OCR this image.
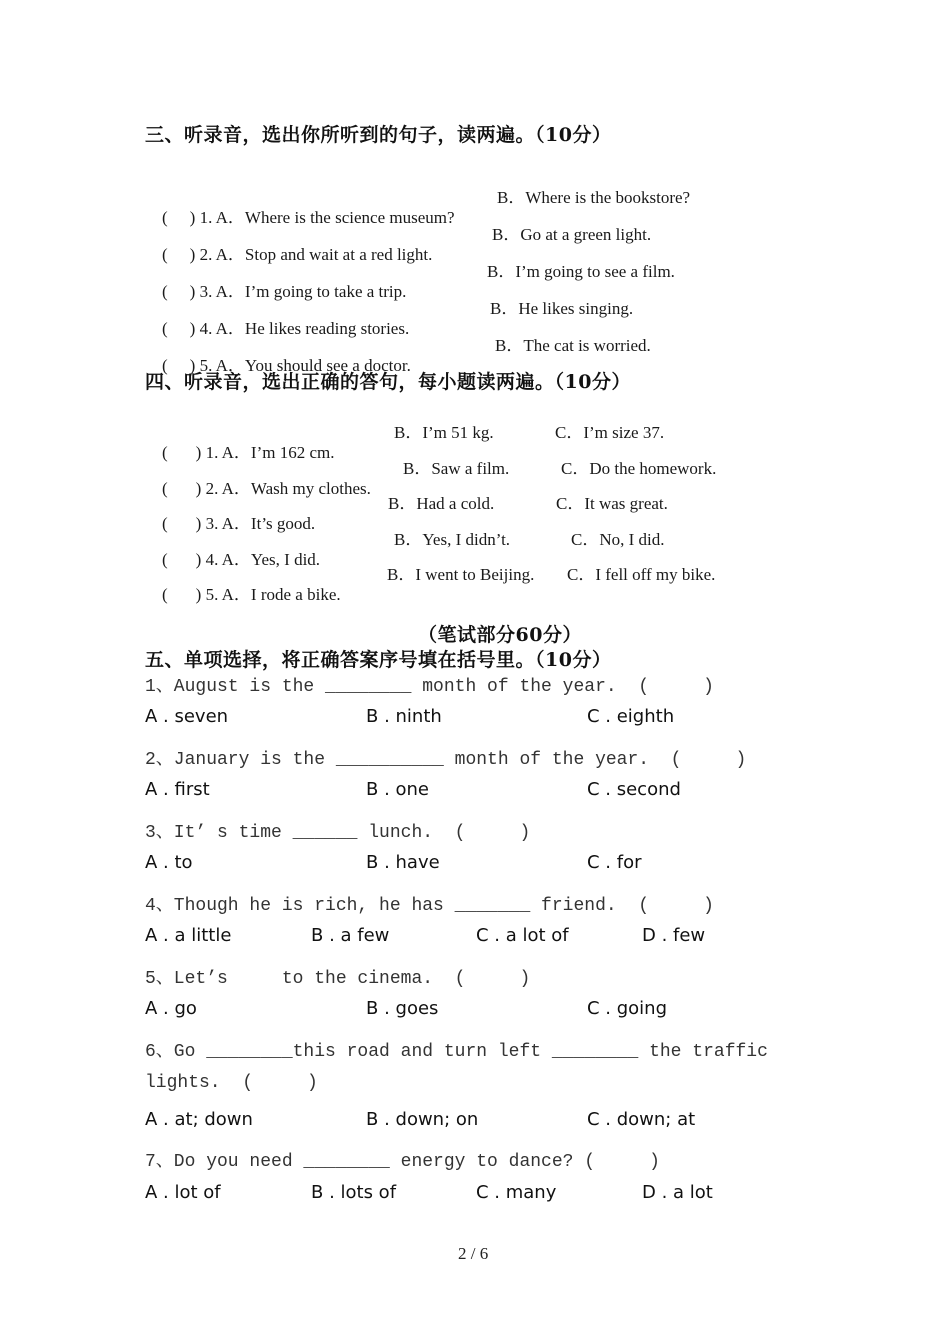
三、听录音，选出你所听到的句子，读两遍。（10分）

( ) 1. A．Where is the science museum?

B．Where is the bookstore?

( ) 2. A．Stop and wait at a red light.

B．Go at a green light.

( ) 3. A．I’m going to take a trip.

B．I’m going to see a film.

( ) 4. A．He likes reading stories.

B．He likes singing.

( ) 5. A．You should see a doctor.

B．The cat is worried.
四、听录音，选出正确的答句，每小题读两遍。（10分）

( ) 1. A．I’m 162 cm.

B．I’m 51 kg.	C．I’m size 37.

( ) 2. A．Wash my clothes.

B．Saw a film.	C．Do the homework.

( ) 3. A．It’s good.

B．Had a cold.	C．It was great.

( ) 4. A．Yes, I did.

B．Yes, I didn’t.	C．No, I did.

( ) 5. A．I rode a bike.

B．I went to Beijing. C．I fell off my bike.
（笔试部分60分）
五、单项选择，将正确答案序号填在括号里。（10分）
1、August is the ________ month of the year.  (     )
A . seven	B . ninth	C . eighth
2、January is the __________ month of the year.  (     )
A . first	B . one	C . second
3、It’ s time ______ lunch.  (     )
A . to	B . have	C . for
4、Though he is rich, he has _______ friend.  (     )
A . a little	B . a few	C . a lot of	D . few
5、Let’s     to the cinema.  (     )
A . go	B . goes	C . going
6、Go ________this road and turn left ________ the traffic
lights.  (     )
A . at; down	B . down; on	C . down; at
7、Do you need ________ energy to dance? (     )
A . lot of	B . lots of	C . many	D . a lot
2 / 6
